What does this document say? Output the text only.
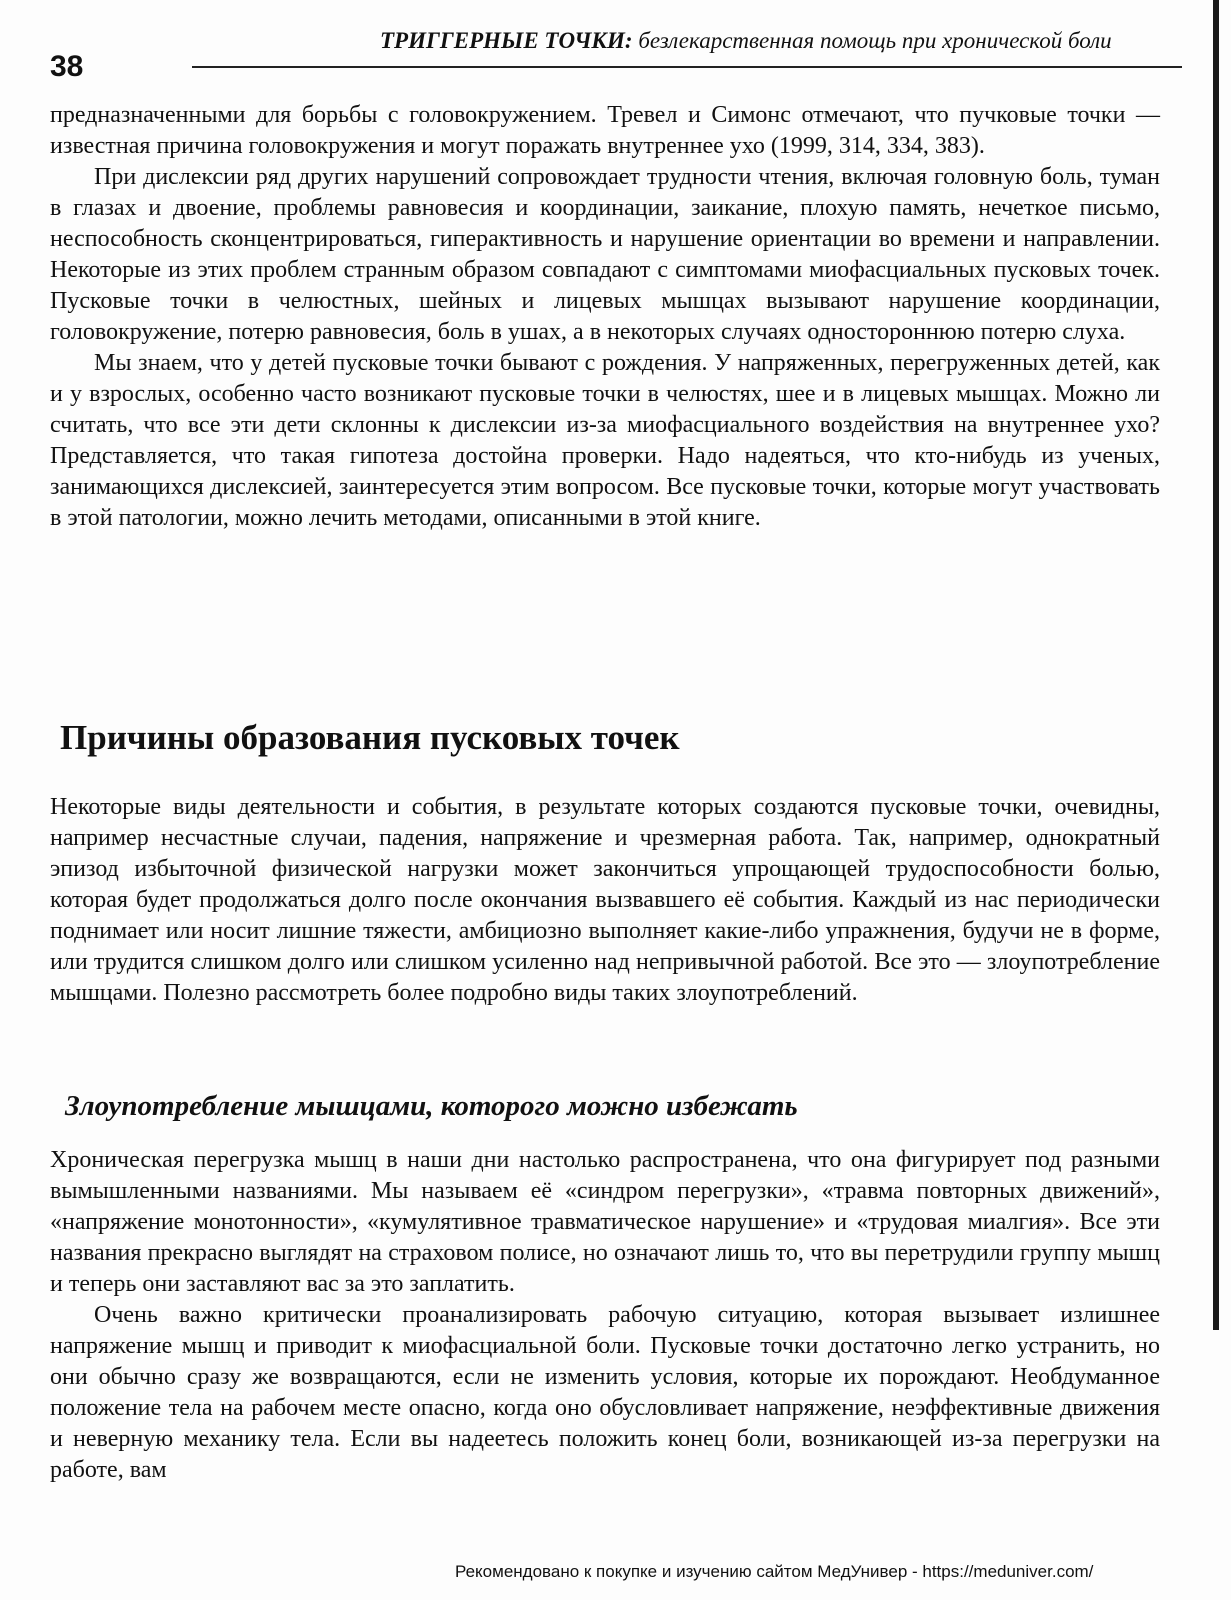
ТРИГГЕРНЫЕ ТОЧКИ: безлекарственная помощь при хронической боли
38

предназначенными для борьбы с головокружением. Тревел и Симонс отмечают, что пучковые точки — известная причина головокружения и могут поражать внутреннее ухо (1999, 314, 334, 383).

При дислексии ряд других нарушений сопровождает трудности чтения, включая головную боль, туман в глазах и двоение, проблемы равновесия и координации, заикание, плохую память, нечеткое письмо, неспособность сконцентрироваться, гиперактивность и нарушение ориентации во времени и направлении. Некоторые из этих проблем странным образом совпадают с симптомами миофасциальных пусковых точек. Пусковые точки в челюстных, шейных и лицевых мышцах вызывают нарушение координации, головокружение, потерю равновесия, боль в ушах, а в некоторых случаях одностороннюю потерю слуха.

Мы знаем, что у детей пусковые точки бывают с рождения. У напряженных, перегруженных детей, как и у взрослых, особенно часто возникают пусковые точки в челюстях, шее и в лицевых мышцах. Можно ли считать, что все эти дети склонны к дислексии из-за миофасциального воздействия на внутреннее ухо? Представляется, что такая гипотеза достойна проверки. Надо надеяться, что кто-нибудь из ученых, занимающихся дислексией, заинтересуется этим вопросом. Все пусковые точки, которые могут участвовать в этой патологии, можно лечить методами, описанными в этой книге.

Причины образования пусковых точек

Некоторые виды деятельности и события, в результате которых создаются пусковые точки, очевидны, например несчастные случаи, падения, напряжение и чрезмерная работа. Так, например, однократный эпизод избыточной физической нагрузки может закончиться упрощающей трудоспособности болью, которая будет продолжаться долго после окончания вызвавшего её события. Каждый из нас периодически поднимает или носит лишние тяжести, амбициозно выполняет какие-либо упражнения, будучи не в форме, или трудится слишком долго или слишком усиленно над непривычной работой. Все это — злоупотребление мышцами. Полезно рассмотреть более подробно виды таких злоупотреблений.

Злоупотребление мышцами, которого можно избежать

Хроническая перегрузка мышц в наши дни настолько распространена, что она фигурирует под разными вымышленными названиями. Мы называем её «синдром перегрузки», «травма повторных движений», «напряжение монотонности», «кумулятивное травматическое нарушение» и «трудовая миалгия». Все эти названия прекрасно выглядят на страховом полисе, но означают лишь то, что вы перетрудили группу мышц и теперь они заставляют вас за это заплатить.

Очень важно критически проанализировать рабочую ситуацию, которая вызывает излишнее напряжение мышц и приводит к миофасциальной боли. Пусковые точки достаточно легко устранить, но они обычно сразу же возвращаются, если не изменить условия, которые их порождают. Необдуманное положение тела на рабочем месте опасно, когда оно обусловливает напряжение, неэффективные движения и неверную механику тела. Если вы надеетесь положить конец боли, возникающей из-за перегрузки на работе, вам

Рекомендовано к покупке и изучению сайтом МедУнивер - https://meduniver.com/
